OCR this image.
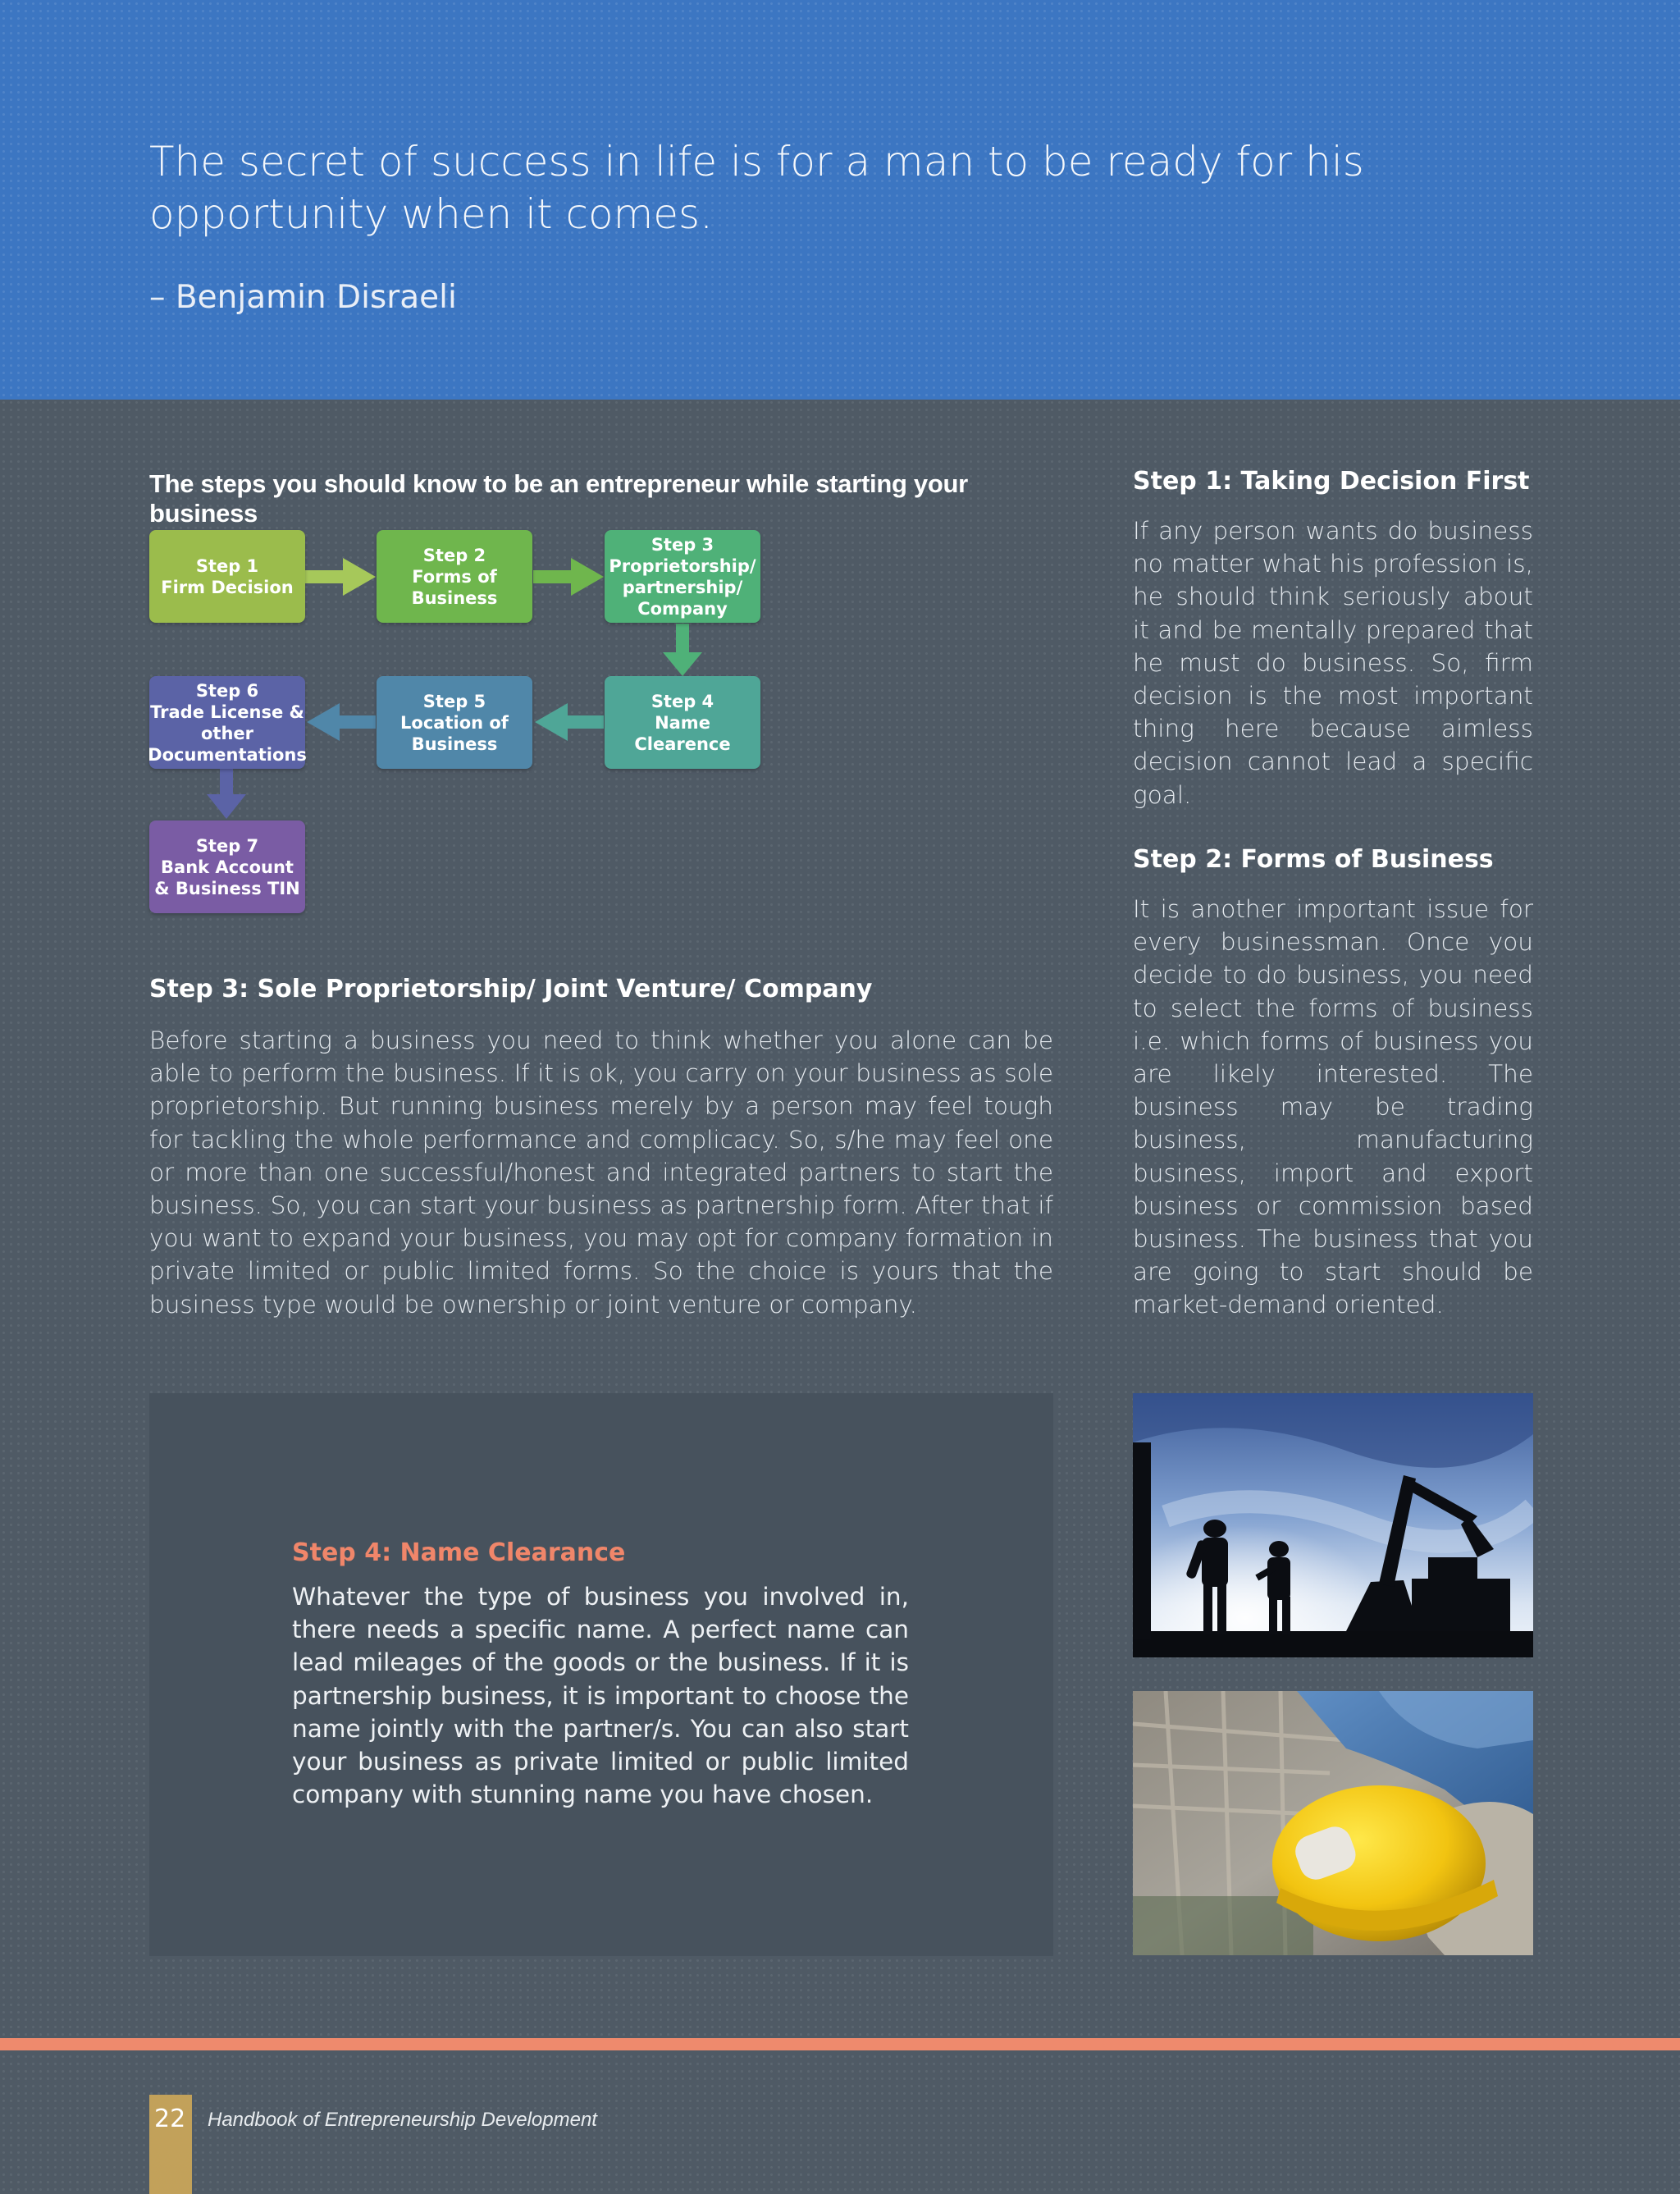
The secret of success in life is for a man to be ready for his opportunity when it comes.
– Benjamin Disraeli
The steps you should know to be an entrepreneur while starting your business
Step 1
Firm Decision
Step 2
Forms of
Business
Step 3
Proprietorship/
partnership/
Company
Step 4
Name Clearence
Step 5
Location of
Business
Step 6
Trade License &
other
Documentations
Step 7
Bank Account
& Business TIN
Step 3: Sole Proprietorship/ Joint Venture/ Company
Before starting a business you need to think whether you alone can be able to perform the business. If it is ok, you carry on your business as sole proprietorship. But running business merely by a person may feel tough for tackling the whole performance and complicacy. So, s/he may feel one or more than one successful/honest and integrated partners to start the business. So, you can start your business as partnership form. After that if you want to expand your business, you may opt for company formation in private limited or public limited forms. So the choice is yours that the business type would be ownership or joint venture or company.
Step 1: Taking Decision First
If any person wants do business no matter what his profession is, he should think seriously about it and be mentally prepared that he must do business. So, firm decision is the most important thing here because aimless decision cannot lead a specific goal.
Step 2: Forms of Business
It is another important issue for every businessman. Once you decide to do business, you need to select the forms of business i.e. which forms of business you are likely interested. The business may be trading business, manufacturing business, import and export business or commission based business. The business that you are going to start should be market-demand oriented.
Step 4: Name Clearance
Whatever the type of business you involved in, there needs a specific name. A perfect name can lead mileages of the goods or the business. If it is partnership business, it is important to choose the name jointly with the partner/s. You can also start your business as private limited or public limited company with stunning name you have chosen.
22 Handbook of Entrepreneurship Development
